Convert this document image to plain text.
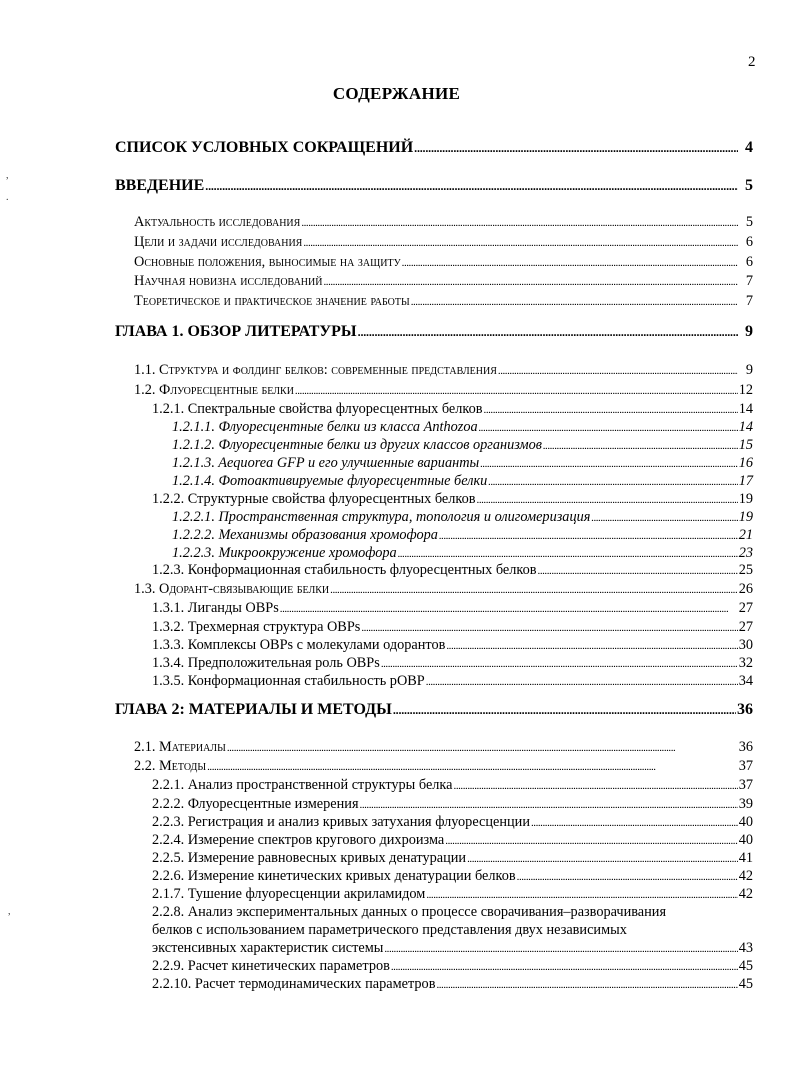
2
СОДЕРЖАНИЕ
СПИСОК УСЛОВНЫХ СОКРАЩЕНИЙ . . .	4
ВВЕДЕНИЕ . . .	5
Актуальность исследования . . .	5
Цели и задачи исследования . . .	6
Основные положения, выносимые на защиту . . .	6
Научная новизна исследований . . .	7
Теоретическое и практическое значение работы . . .	7
ГЛАВА 1. ОБЗОР ЛИТЕРАТУРЫ . . .	9
1.1. Структура и фолдинг белков: современные представления . . .	9
1.2. Флуоресцентные белки . . .	12
1.2.1. Спектральные свойства флуоресцентных белков . . .	14
1.2.1.1. Флуоресцентные белки из класса Anthozoa . . .	14
1.2.1.2. Флуоресцентные белки из других классов организмов . . .	15
1.2.1.3. Aequorea GFP и его улучшенные варианты . . .	16
1.2.1.4. Фотоактивируемые флуоресцентные белки . . .	17
1.2.2. Структурные свойства флуоресцентных белков . . .	19
1.2.2.1. Пространственная структура, топология и олигомеризация . . .	19
1.2.2.2. Механизмы образования хромофора . . .	21
1.2.2.3. Микроокружение хромофора . . .	23
1.2.3. Конформационная стабильность флуоресцентных белков . . .	25
1.3. Одорант-связывающие белки . . .	26
1.3.1. Лиганды OBPs . . .	27
1.3.2. Трехмерная структура OBPs . . .	27
1.3.3. Комплексы OBPs с молекулами одорантов . . .	30
1.3.4. Предположительная роль OBPs . . .	32
1.3.5. Конформационная стабильность pOBP . . .	34
ГЛАВА 2: МАТЕРИАЛЫ И МЕТОДЫ . . .	36
2.1. Материалы . . .	36
2.2. Методы . . .	37
2.2.1. Анализ пространственной структуры белка . . .	37
2.2.2. Флуоресцентные измерения . . .	39
2.2.3. Регистрация и анализ кривых затухания флуоресценции . . .	40
2.2.4. Измерение спектров кругового дихроизма . . .	40
2.2.5. Измерение равновесных кривых денатурации . . .	41
2.2.6. Измерение кинетических кривых денатурации белков . . .	42
2.1.7. Тушение флуоресценции акриламидом . . .	42
2.2.8. Анализ экспериментальных данных о процессе сворачивания–разворачивания
белков с использованием параметрического представления двух независимых
экстенсивных характеристик системы . . .	43
2.2.9. Расчет кинетических параметров . . .	45
2.2.10. Расчет термодинамических параметров . . .	45
,
.
,
